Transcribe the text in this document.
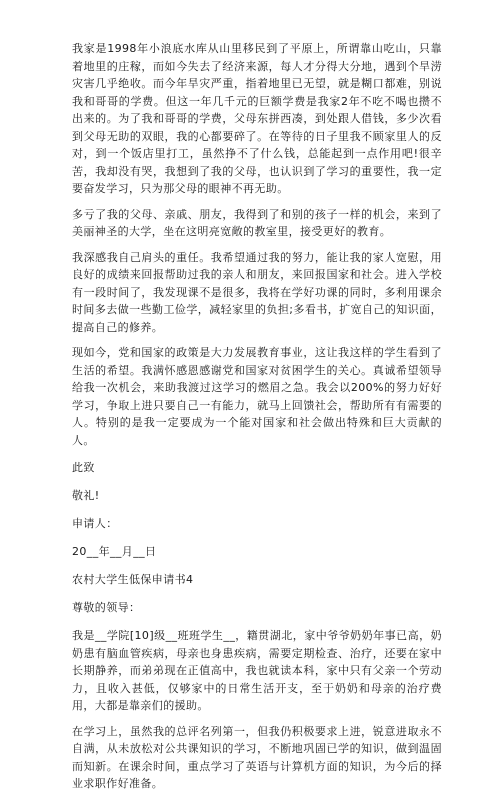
我家是1998年小浪底水库从山里移民到了平原上，所谓靠山吃山，只靠着地里的庄稼，而如今失去了经济来源，每人才分得大分地，遇到个旱涝灾害几乎绝收。而今年旱灾严重，指着地里已无望，就是糊口都难，别说我和哥哥的学费。但这一年几千元的巨额学费是我家2年不吃不喝也攒不出来的。为了我和哥哥的学费，父母东拼西凑，到处跟人借钱，多少次看到父母无助的双眼，我的心都要碎了。在等待的日子里我不顾家里人的反对，到一个饭店里打工，虽然挣不了什么钱，总能起到一点作用吧!很辛苦，我却没有哭，我想到了我的父母，也认识到了学习的重要性，我一定要奋发学习，只为那父母的眼神不再无助。

多亏了我的父母、亲戚、朋友，我得到了和别的孩子一样的机会，来到了美丽神圣的大学，坐在这明亮宽敞的教室里，接受更好的教育。

我深感我自己肩头的重任。我希望通过我的努力，能让我的家人宽慰，用良好的成绩来回报帮助过我的亲人和朋友，来回报国家和社会。进入学校有一段时间了，我发现课不是很多，我将在学好功课的同时，多利用课余时间多去做一些勤工俭学，减轻家里的负担;多看书，扩宽自己的知识面，提高自己的修养。

现如今，党和国家的政策是大力发展教育事业，这让我这样的学生看到了生活的希望。我满怀感恩感谢党和国家对贫困学生的关心。真诚希望领导给我一次机会，来助我渡过这学习的燃眉之急。我会以200%的努力好好学习，争取上进只要自己一有能力，就马上回馈社会，帮助所有有需要的人。特别的是我一定要成为一个能对国家和社会做出特殊和巨大贡献的人。

此致

敬礼!

申请人：

20__年__月__日

农村大学生低保申请书4

尊敬的领导：

我是__学院[10]级__班班学生__，籍贯湖北，家中爷爷奶奶年事已高，奶奶患有脑血管疾病，母亲也身患疾病，需要定期检查、治疗，还要在家中长期静养，而弟弟现在正值高中，我也就读本科，家中只有父亲一个劳动力，且收入甚低，仅够家中的日常生活开支，至于奶奶和母亲的治疗费用，大都是靠亲们的援助。

在学习上，虽然我的总评名列第一，但我仍积极要求上进，锐意进取永不自满，从未放松对公共课知识的学习，不断地巩固已学的知识，做到温固而知新。在课余时间，重点学习了英语与计算机方面的知识，为今后的择业求职作好准备。
